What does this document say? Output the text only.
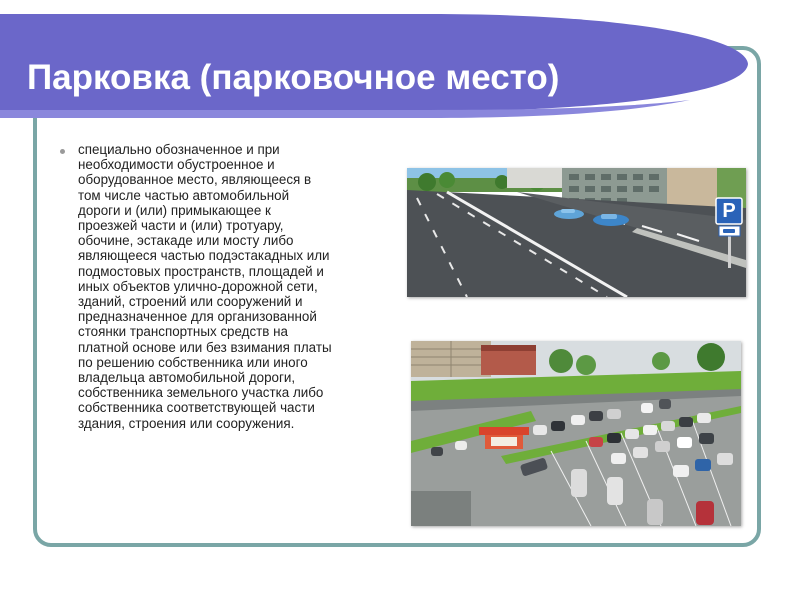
Парковка (парковочное место)
специально обозначенное и при
необходимости обустроенное и
оборудованное место, являющееся в
том числе частью автомобильной
дороги и (или) примыкающее к
проезжей части и (или) тротуару,
обочине, эстакаде или мосту либо
являющееся частью подэстакадных или
подмостовых пространств, площадей и
иных объектов улично-дорожной сети,
зданий, строений или сооружений и
предназначенное для организованной
стоянки транспортных средств на
платной основе или без взимания платы
по решению собственника или иного
владельца автомобильной дороги,
собственника земельного участка либо
собственника соответствующей части
здания, строения или сооружения.
P
